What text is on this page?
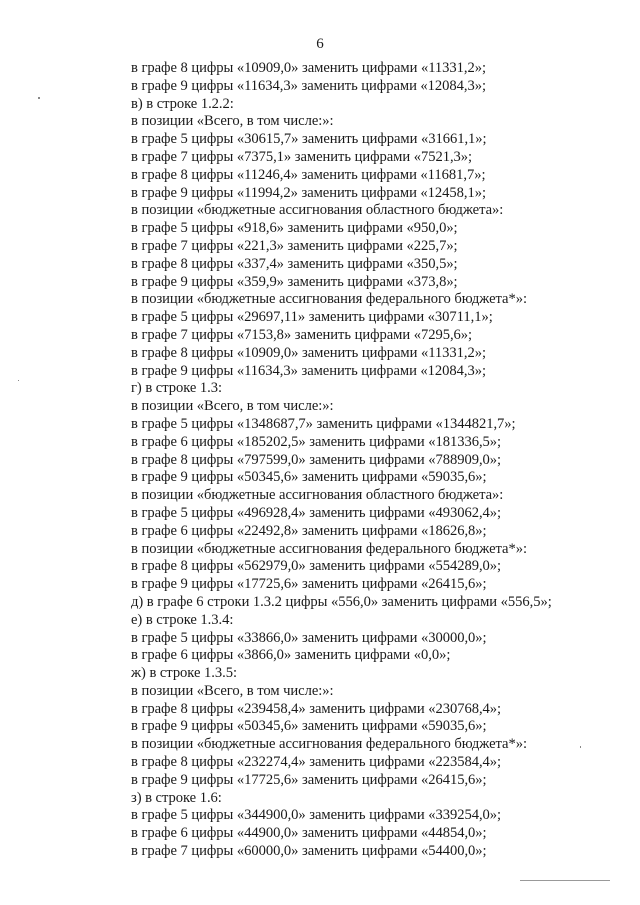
6
в графе 8 цифры «10909,0» заменить цифрами «11331,2»;
в графе 9 цифры «11634,3» заменить цифрами «12084,3»;
в) в строке 1.2.2:
в позиции «Всего, в том числе:»:
в графе 5 цифры «30615,7» заменить цифрами «31661,1»;
в графе 7 цифры «7375,1» заменить цифрами «7521,3»;
в графе 8 цифры «11246,4» заменить цифрами «11681,7»;
в графе 9 цифры «11994,2» заменить цифрами «12458,1»;
в позиции «бюджетные ассигнования областного бюджета»:
в графе 5 цифры «918,6» заменить цифрами «950,0»;
в графе 7 цифры «221,3» заменить цифрами «225,7»;
в графе 8 цифры «337,4» заменить цифрами «350,5»;
в графе 9 цифры «359,9» заменить цифрами «373,8»;
в позиции «бюджетные ассигнования федерального бюджета*»:
в графе 5 цифры «29697,11» заменить цифрами «30711,1»;
в графе 7 цифры «7153,8» заменить цифрами «7295,6»;
в графе 8 цифры «10909,0» заменить цифрами «11331,2»;
в графе 9 цифры «11634,3» заменить цифрами «12084,3»;
г) в строке 1.3:
в позиции «Всего, в том числе:»:
в графе 5 цифры «1348687,7» заменить цифрами «1344821,7»;
в графе 6 цифры «185202,5» заменить цифрами «181336,5»;
в графе 8 цифры «797599,0» заменить цифрами «788909,0»;
в графе 9 цифры «50345,6» заменить цифрами «59035,6»;
в позиции «бюджетные ассигнования областного бюджета»:
в графе 5 цифры «496928,4» заменить цифрами «493062,4»;
в графе 6 цифры «22492,8» заменить цифрами «18626,8»;
в позиции «бюджетные ассигнования федерального бюджета*»:
в графе 8 цифры «562979,0» заменить цифрами «554289,0»;
в графе 9 цифры «17725,6» заменить цифрами «26415,6»;
д) в графе 6 строки 1.3.2 цифры «556,0» заменить цифрами «556,5»;
е) в строке 1.3.4:
в графе 5 цифры «33866,0» заменить цифрами «30000,0»;
в графе 6 цифры «3866,0» заменить цифрами «0,0»;
ж) в строке 1.3.5:
в позиции «Всего, в том числе:»:
в графе 8 цифры «239458,4» заменить цифрами «230768,4»;
в графе 9 цифры «50345,6» заменить цифрами «59035,6»;
в позиции «бюджетные ассигнования федерального бюджета*»:
в графе 8 цифры «232274,4» заменить цифрами «223584,4»;
в графе 9 цифры «17725,6» заменить цифрами «26415,6»;
з) в строке 1.6:
в графе 5 цифры «344900,0» заменить цифрами «339254,0»;
в графе 6 цифры «44900,0» заменить цифрами «44854,0»;
в графе 7 цифры «60000,0» заменить цифрами «54400,0»;
